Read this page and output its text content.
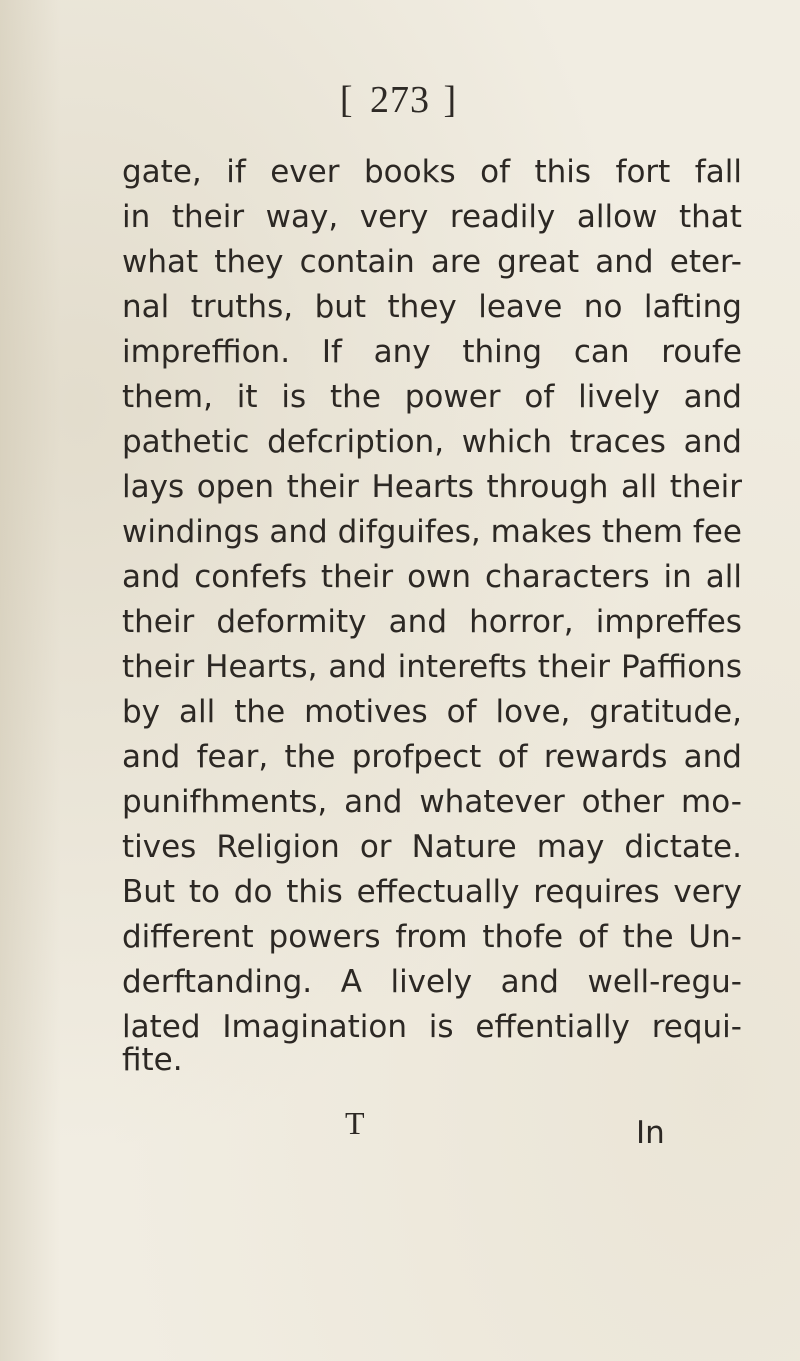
[ 273 ]
gate, if ever books of this fort fall
in their way, very readily allow that
what they contain are great and eter-
nal truths, but they leave no lafting
impreffion. If any thing can roufe
them, it is the power of lively and
pathetic defcription, which traces and
lays open their Hearts through all their
windings and difguifes, makes them fee
and confefs their own characters in all
their deformity and horror, impreffes
their Hearts, and interefts their Paffions
by all the motives of love, gratitude,
and fear, the profpect of rewards and
punifhments, and whatever other mo-
tives Religion or Nature may dictate.
But to do this effectually requires very
different powers from thofe of the Un-
derftanding. A lively and well-regu-
lated Imagination is effentially requi-
fite.
T	In
